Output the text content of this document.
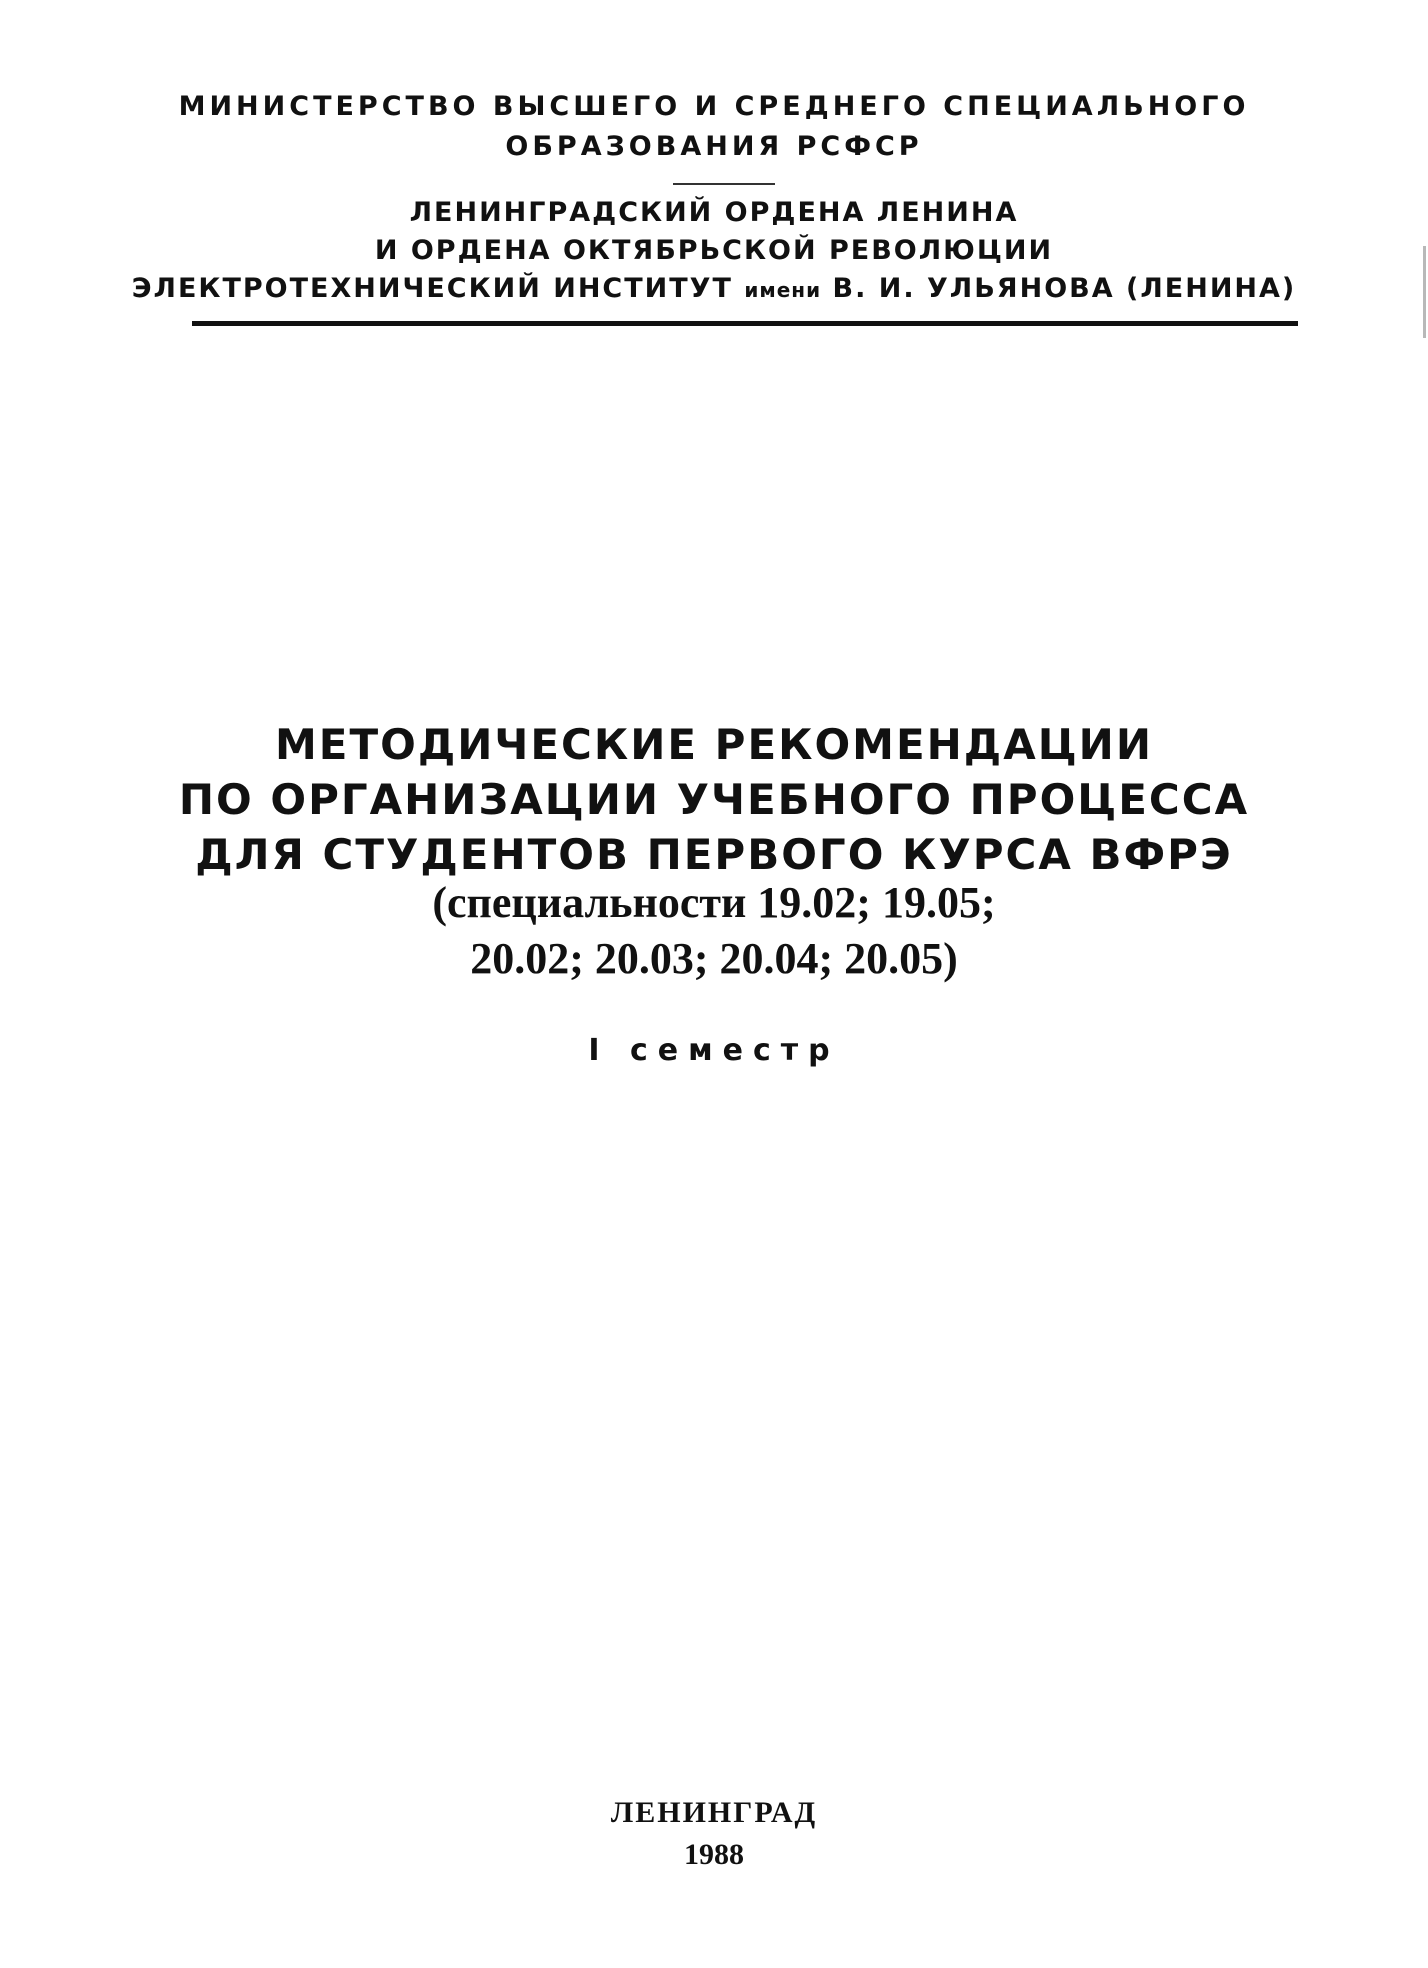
МИНИСТЕРСТВО ВЫСШЕГО И СРЕДНЕГО СПЕЦИАЛЬНОГО
ОБРАЗОВАНИЯ РСФСР
ЛЕНИНГРАДСКИЙ ОРДЕНА ЛЕНИНА
И ОРДЕНА ОКТЯБРЬСКОЙ РЕВОЛЮЦИИ
ЭЛЕКТРОТЕХНИЧЕСКИЙ ИНСТИТУТ имени В. И. УЛЬЯНОВА (ЛЕНИНА)
МЕТОДИЧЕСКИЕ РЕКОМЕНДАЦИИ
ПО ОРГАНИЗАЦИИ УЧЕБНОГО ПРОЦЕССА
ДЛЯ СТУДЕНТОВ ПЕРВОГО КУРСА ВФРЭ
(специальности 19.02; 19.05;
20.02; 20.03; 20.04; 20.05)
I семестр
ЛЕНИНГРАД
1988
